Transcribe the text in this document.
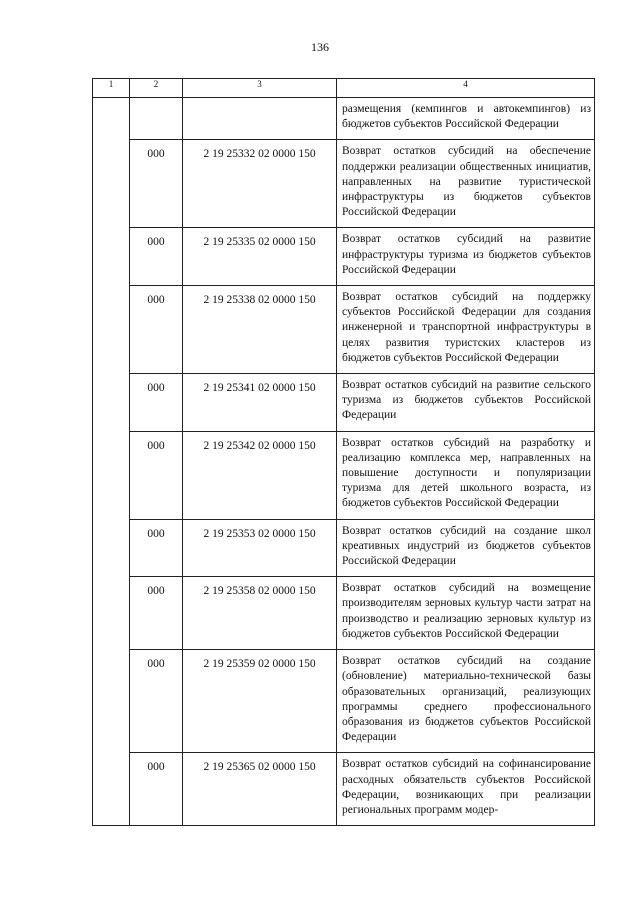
136
1	2	3	4
			размещения (кемпингов и автокемпингов) из бюджетов субъектов Российской Федерации
	000	2 19 25332 02 0000 150	Возврат остатков субсидий на обеспечение поддержки реализации общественных инициатив, направленных на развитие туристической инфраструктуры из бюджетов субъектов Российской Федерации
	000	2 19 25335 02 0000 150	Возврат остатков субсидий на развитие инфраструктуры туризма из бюджетов субъектов Российской Федерации
	000	2 19 25338 02 0000 150	Возврат остатков субсидий на поддержку субъектов Российской Федерации для создания инженерной и транспортной инфраструктуры в целях развития туристских кластеров из бюджетов субъектов Российской Федерации
	000	2 19 25341 02 0000 150	Возврат остатков субсидий на развитие сельского туризма из бюджетов субъектов Российской Федерации
	000	2 19 25342 02 0000 150	Возврат остатков субсидий на разработку и реализацию комплекса мер, направленных на повышение доступности и популяризации туризма для детей школьного возраста, из бюджетов субъектов Российской Федерации
	000	2 19 25353 02 0000 150	Возврат остатков субсидий на создание школ креативных индустрий из бюджетов субъектов Российской Федерации
	000	2 19 25358 02 0000 150	Возврат остатков субсидий на возмещение производителям зерновых культур части затрат на производство и реализацию зерновых культур из бюджетов субъектов Российской Федерации
	000	2 19 25359 02 0000 150	Возврат остатков субсидий на создание (обновление) материально-технической базы образовательных организаций, реализующих программы среднего профессионального образования из бюджетов субъектов Российской Федерации
	000	2 19 25365 02 0000 150	Возврат остатков субсидий на софинансирование расходных обязательств субъектов Российской Федерации, возникающих при реализации региональных программ модер-
